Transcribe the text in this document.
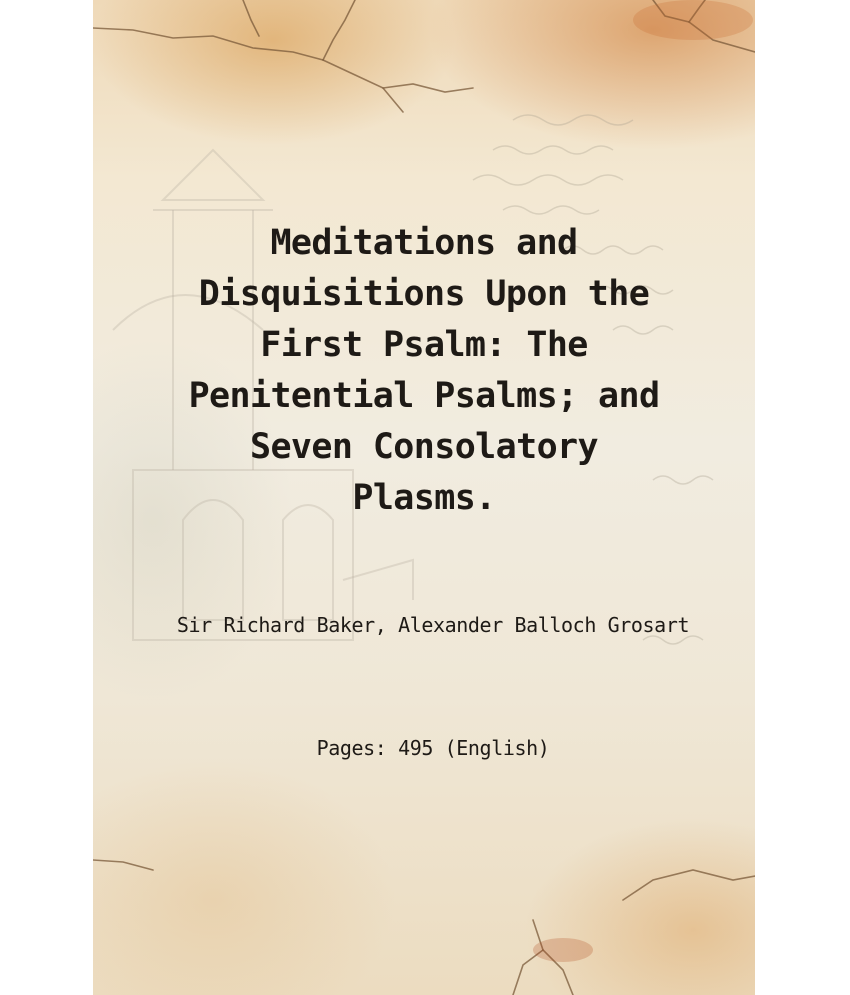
Meditations and Disquisitions Upon the First Psalm: The Penitential Psalms; and Seven Consolatory Plasms.
Sir Richard Baker, Alexander Balloch Grosart
Pages: 495 (English)
